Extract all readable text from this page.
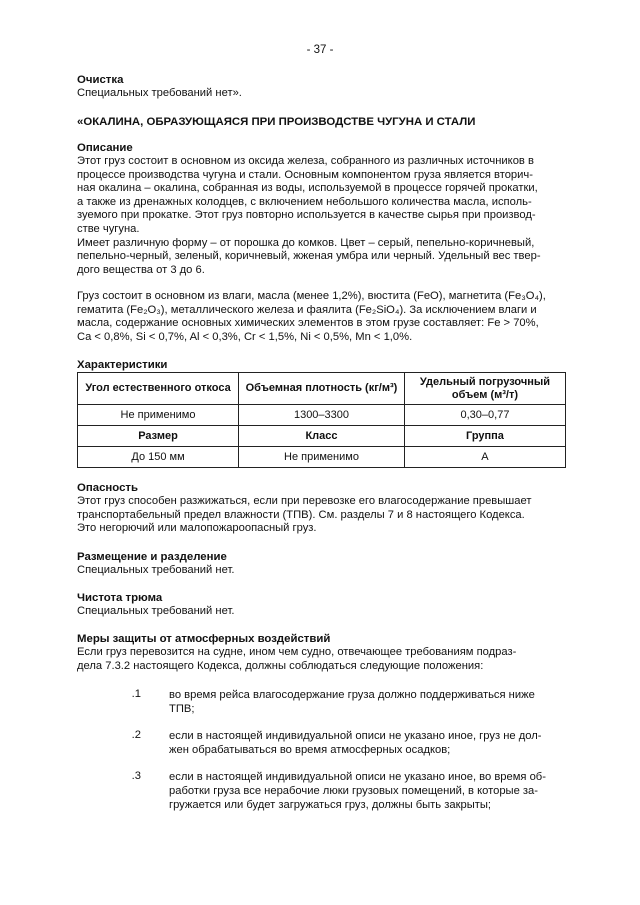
- 37 -
Очистка
Специальных требований нет».
«ОКАЛИНА, ОБРАЗУЮЩАЯСЯ ПРИ ПРОИЗВОДСТВЕ ЧУГУНА И СТАЛИ
Описание
Этот груз состоит в основном из оксида железа, собранного из различных источников в
процессе производства чугуна и стали. Основным компонентом груза является вторич-
ная окалина – окалина, собранная из воды, используемой в процессе горячей прокатки,
а также из дренажных колодцев, с включением небольшого количества масла, исполь-
зуемого при прокатке. Этот груз повторно используется в качестве сырья при производ-
стве чугуна.
Имеет различную форму – от порошка до комков. Цвет – серый, пепельно-коричневый,
пепельно-черный, зеленый, коричневый, жженая умбра или черный. Удельный вес твер-
дого вещества от 3 до 6.
Груз состоит в основном из влаги, масла (менее 1,2%), вюстита (FeO), магнетита (Fe₃O₄),
гематита (Fe₂O₃), металлического железа и фаялита (Fe₂SiO₄). За исключением влаги и
масла, содержание основных химических элементов в этом грузе составляет: Fe > 70%,
Ca < 0,8%, Si < 0,7%, Al < 0,3%, Cr < 1,5%, Ni < 0,5%, Mn < 1,0%.
Характеристики
Угол естественного откоса	Объемная плотность (кг/м³)	Удельный погрузочный объем (м³/т)
Не применимо	1300–3300	0,30–0,77
Размер	Класс	Группа
До 150 мм	Не применимо	A
Опасность
Этот груз способен разжижаться, если при перевозке его влагосодержание превышает
транспортабельный предел влажности (ТПВ). См. разделы 7 и 8 настоящего Кодекса.
Это негорючий или малопожароопасный груз.
Размещение и разделение
Специальных требований нет.
Чистота трюма
Специальных требований нет.
Меры защиты от атмосферных воздействий
Если груз перевозится на судне, ином чем судно, отвечающее требованиям подраз-
дела 7.3.2 настоящего Кодекса, должны соблюдаться следующие положения:
.1	во время рейса влагосодержание груза должно поддерживаться ниже
ТПВ;
.2	если в настоящей индивидуальной описи не указано иное, груз не дол-
жен обрабатываться во время атмосферных осадков;
.3	если в настоящей индивидуальной описи не указано иное, во время об-
работки груза все нерабочие люки грузовых помещений, в которые за-
гружается или будет загружаться груз, должны быть закрыты;
